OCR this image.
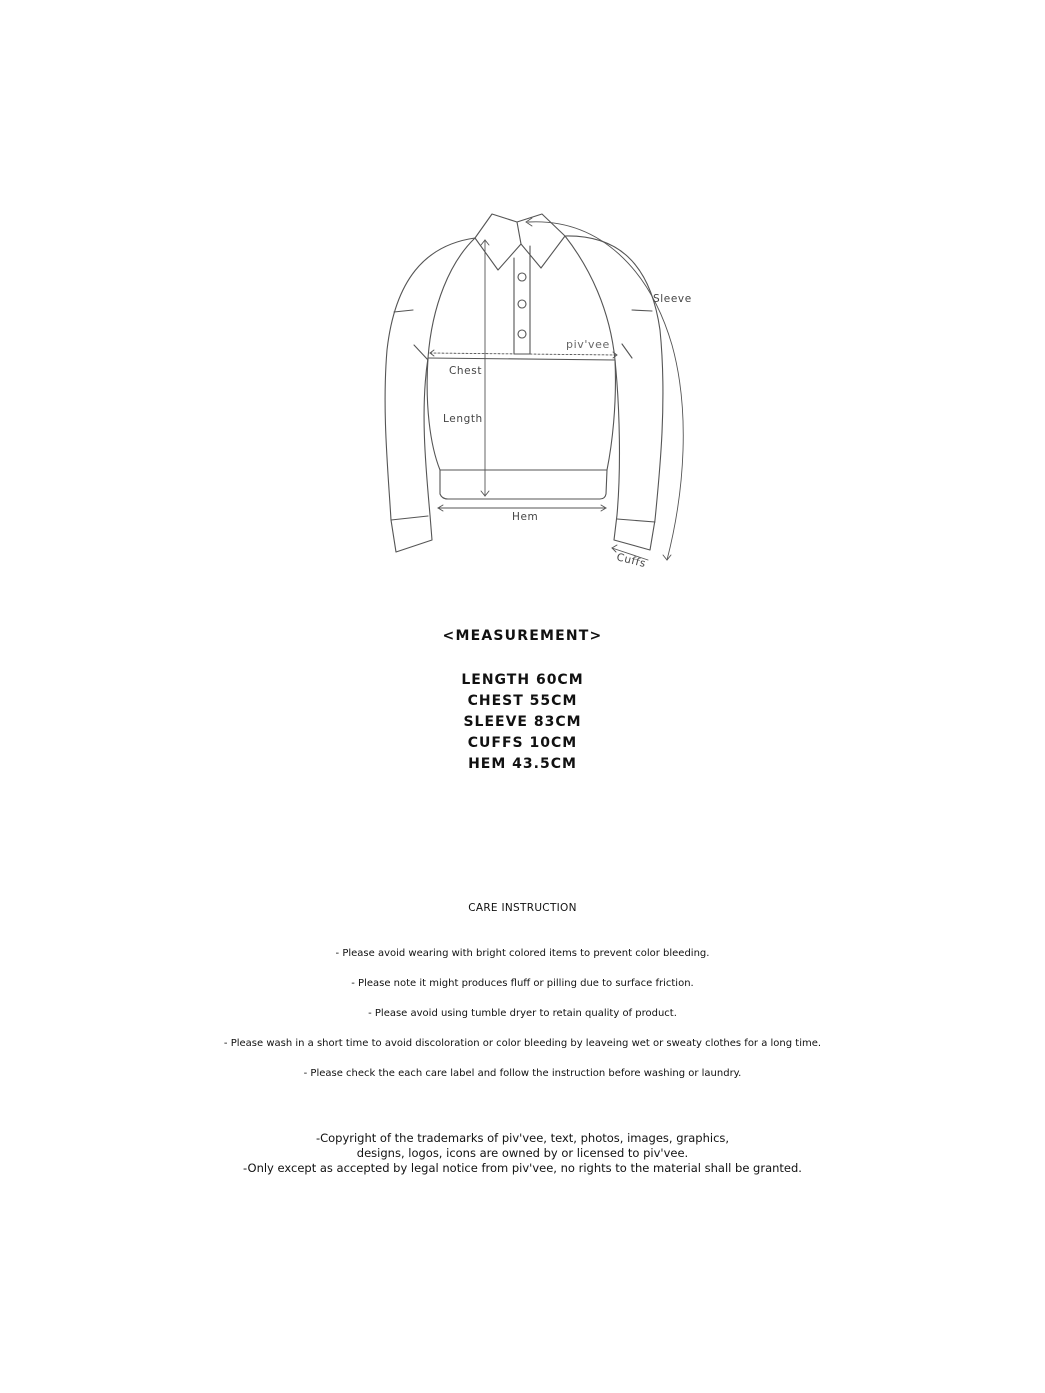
Sleeve
Chest
Length
Hem
piv'vee
Cuffs
<MEASUREMENT>
LENGTH 60CM
CHEST 55CM
SLEEVE 83CM
CUFFS 10CM
HEM 43.5CM
CARE INSTRUCTION
- Please avoid wearing with bright colored items to prevent color bleeding.
- Please note it might produces fluff or pilling due to surface friction.
- Please avoid using tumble dryer to retain quality of product.
- Please wash in a short time to avoid discoloration or color bleeding by leaveing wet or sweaty clothes for a long time.
- Please check the each care label and follow the instruction before washing or laundry.
-Copyright of the trademarks of piv'vee, text, photos, images, graphics,
designs, logos, icons are owned by or licensed to piv'vee.
-Only except as accepted by legal notice from piv'vee, no rights to the material shall be granted.
